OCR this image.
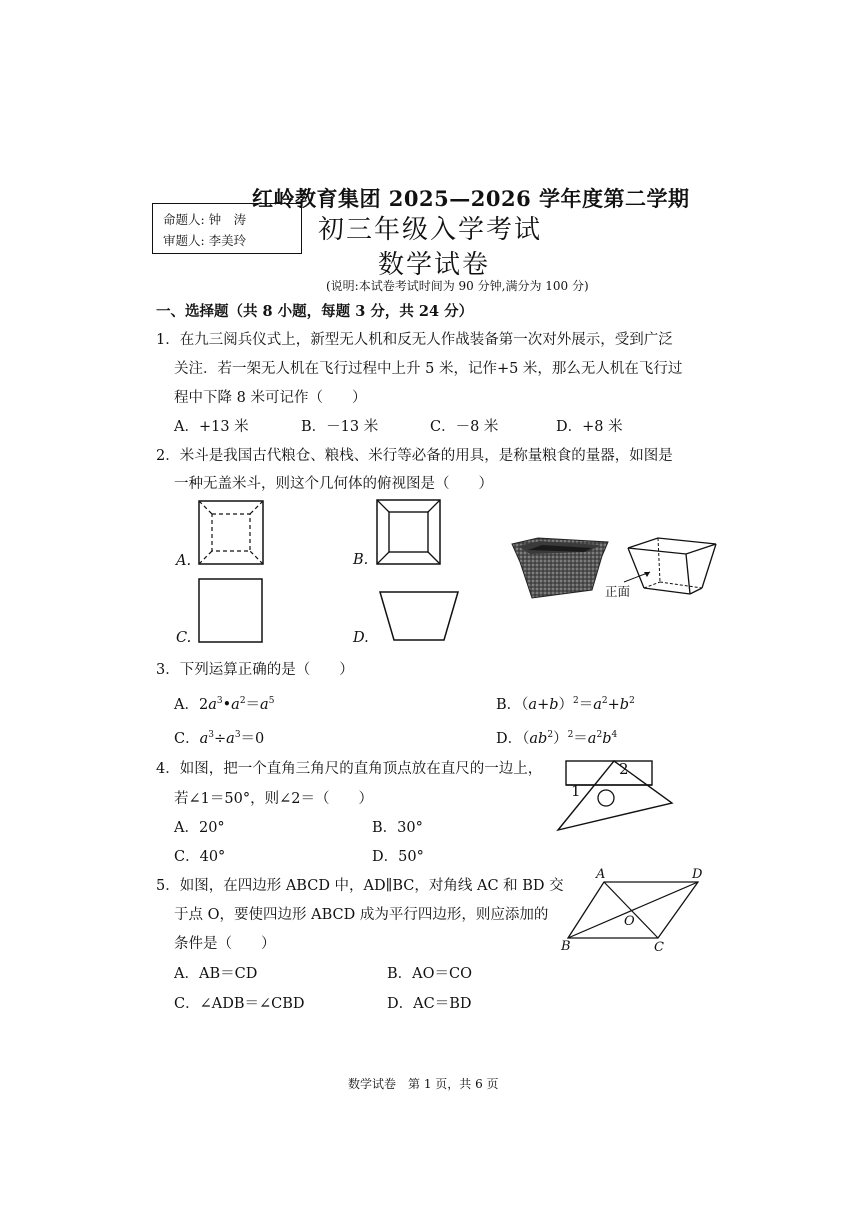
红岭教育集团 2025—2026 学年度第二学期
命题人: 钟　涛
审题人: 李美玲	初三年级入学考试
数学试卷
(说明:本试卷考试时间为 90 分钟,满分为 100 分)
一、选择题（共 8 小题，每题 3 分，共 24 分）
1．在九三阅兵仪式上，新型无人机和反无人作战装备第一次对外展示，受到广泛
关注．若一架无人机在飞行过程中上升 5 米，记作+5 米，那么无人机在飞行过
程中下降 8 米可记作（　　）
A．+13 米	B．－13 米	C．－8 米	D．+8 米
2．米斗是我国古代粮仓、粮栈、米行等必备的用具，是称量粮食的量器，如图是
一种无盖米斗，则这个几何体的俯视图是（　　）
A.	B.
C.	D.
正面
3．下列运算正确的是（　　）
A．$2a^3•a^2=a^5$	B．$(a+b)^2=a^2+b^2$
C．$a^3\div a^3=0$	D．$(ab^2)^2=a^2b^4$
4．如图，把一个直角三角尺的直角顶点放在直尺的一边上，
若∠1＝50°，则∠2＝（　　）
A．20°	B．30°
C．40°	D．50°
1
2
5．如图，在四边形 ABCD 中，AD∥BC，对角线 AC 和 BD 交
于点 O，要使四边形 ABCD 成为平行四边形，则应添加的
条件是（　　）
A．AB＝CD	B．AO＝CO
C．∠ADB＝∠CBD	D．AC＝BD
A	D
B	C
O
数学试卷　第 1 页，共 6 页
